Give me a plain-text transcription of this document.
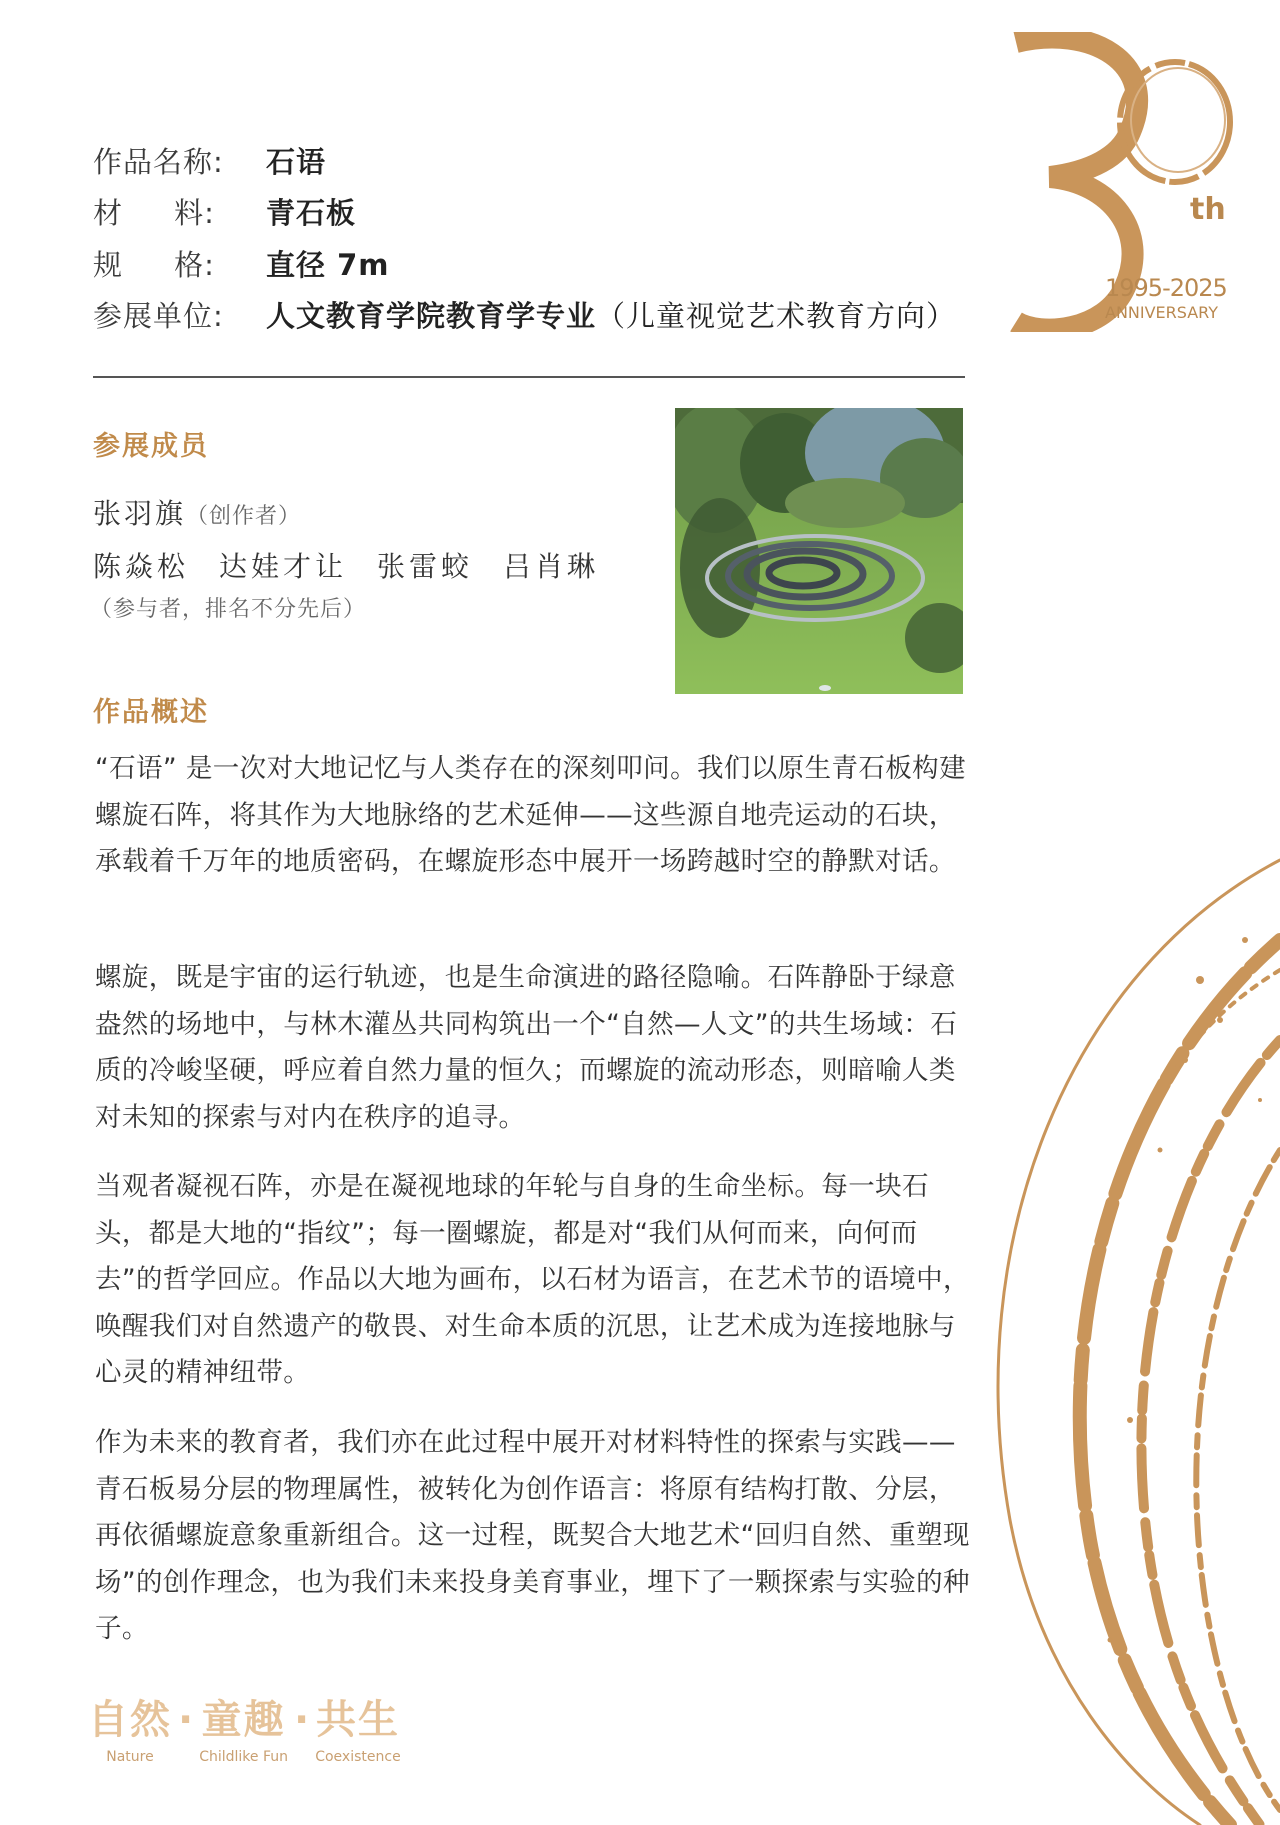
th
1995-2025
ANNIVERSARY
作品名称:	石语
材     料:	青石板
规     格:	直径 7m
参展单位:	人文教育学院教育学专业（儿童视觉艺术教育方向）
参展成员
张羽旗（创作者）
陈焱松 达娃才让 张雷蛟 吕肖琳
（参与者，排名不分先后）
作品概述

“石语” 是一次对大地记忆与人类存在的深刻叩问。我们以原生青石板构建螺旋石阵，将其作为大地脉络的艺术延伸——这些源自地壳运动的石块，承载着千万年的地质密码，在螺旋形态中展开一场跨越时空的静默对话。

螺旋，既是宇宙的运行轨迹，也是生命演进的路径隐喻。石阵静卧于绿意盎然的场地中，与林木灌丛共同构筑出一个“自然—人文”的共生场域：石质的冷峻坚硬，呼应着自然力量的恒久；而螺旋的流动形态，则暗喻人类对未知的探索与对内在秩序的追寻。

当观者凝视石阵，亦是在凝视地球的年轮与自身的生命坐标。每一块石头，都是大地的“指纹”；每一圈螺旋，都是对“我们从何而来，向何而去”的哲学回应。作品以大地为画布，以石材为语言，在艺术节的语境中，唤醒我们对自然遗产的敬畏、对生命本质的沉思，让艺术成为连接地脉与心灵的精神纽带。

作为未来的教育者，我们亦在此过程中展开对材料特性的探索与实践—— 青石板易分层的物理属性，被转化为创作语言：将原有结构打散、分层，再依循螺旋意象重新组合。这一过程，既契合大地艺术“回归自然、重塑现场”的创作理念，也为我们未来投身美育事业，埋下了一颗探索与实验的种子。

自然
Nature
· 童趣
Childlike Fun
· 共生
Coexistence
